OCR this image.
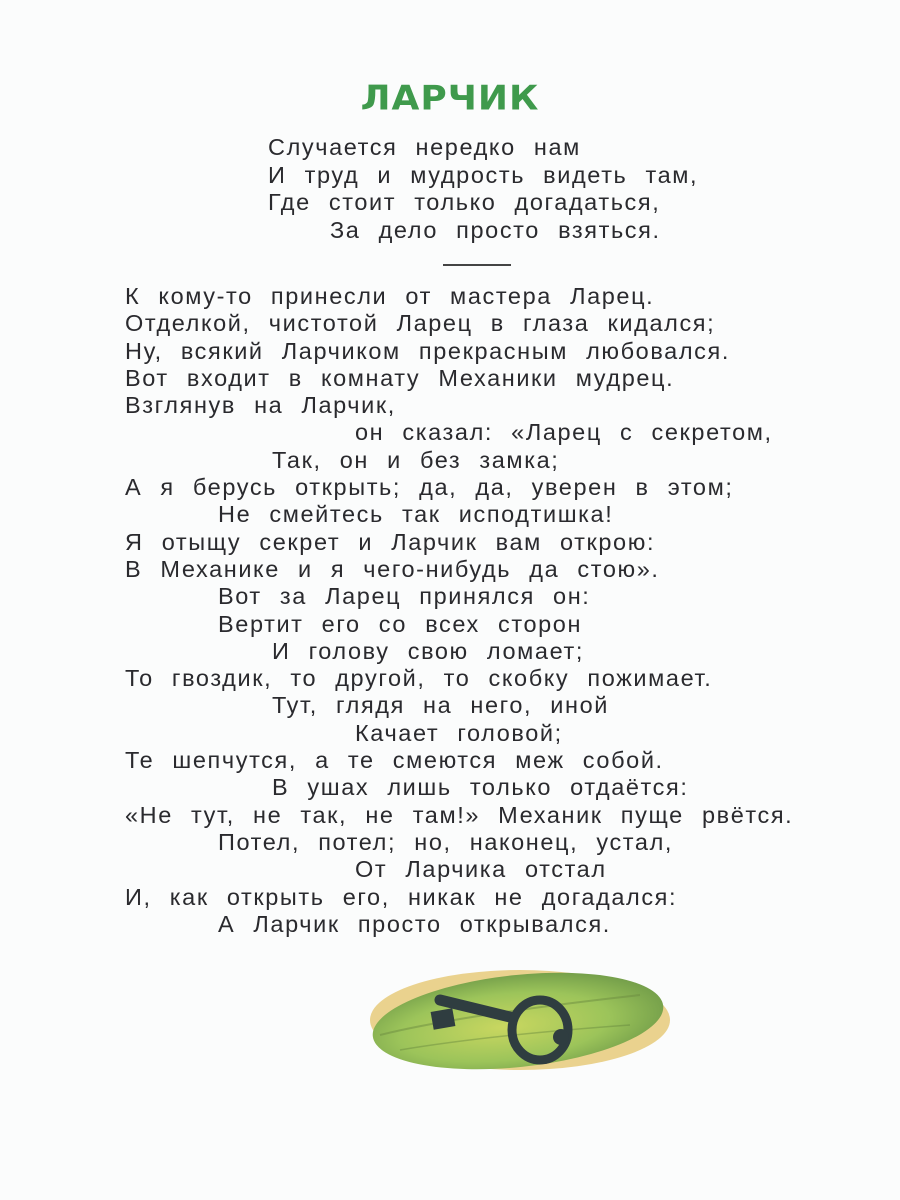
ЛАРЧИК
Случается нередко нам
И труд и мудрость видеть там,
Где стоит только догадаться,
За дело просто взяться.
К кому-то принесли от мастера Ларец.
Отделкой, чистотой Ларец в глаза кидался;
Ну, всякий Ларчиком прекрасным любовался.
Вот входит в комнату Механики мудрец.
Взглянув на Ларчик,
он сказал: «Ларец с секретом,
Так, он и без замка;
А я берусь открыть; да, да, уверен в этом;
Не смейтесь так исподтишка!
Я отыщу секрет и Ларчик вам открою:
В Механике и я чего-нибудь да стою».
Вот за Ларец принялся он:
Вертит его со всех сторон
И голову свою ломает;
То гвоздик, то другой, то скобку пожимает.
Тут, глядя на него, иной
Качает головой;
Те шепчутся, а те смеются меж собой.
В ушах лишь только отдаётся:
«Не тут, не так, не там!» Механик пуще рвётся.
Потел, потел; но, наконец, устал,
От Ларчика отстал
И, как открыть его, никак не догадался:
А Ларчик просто открывался.
